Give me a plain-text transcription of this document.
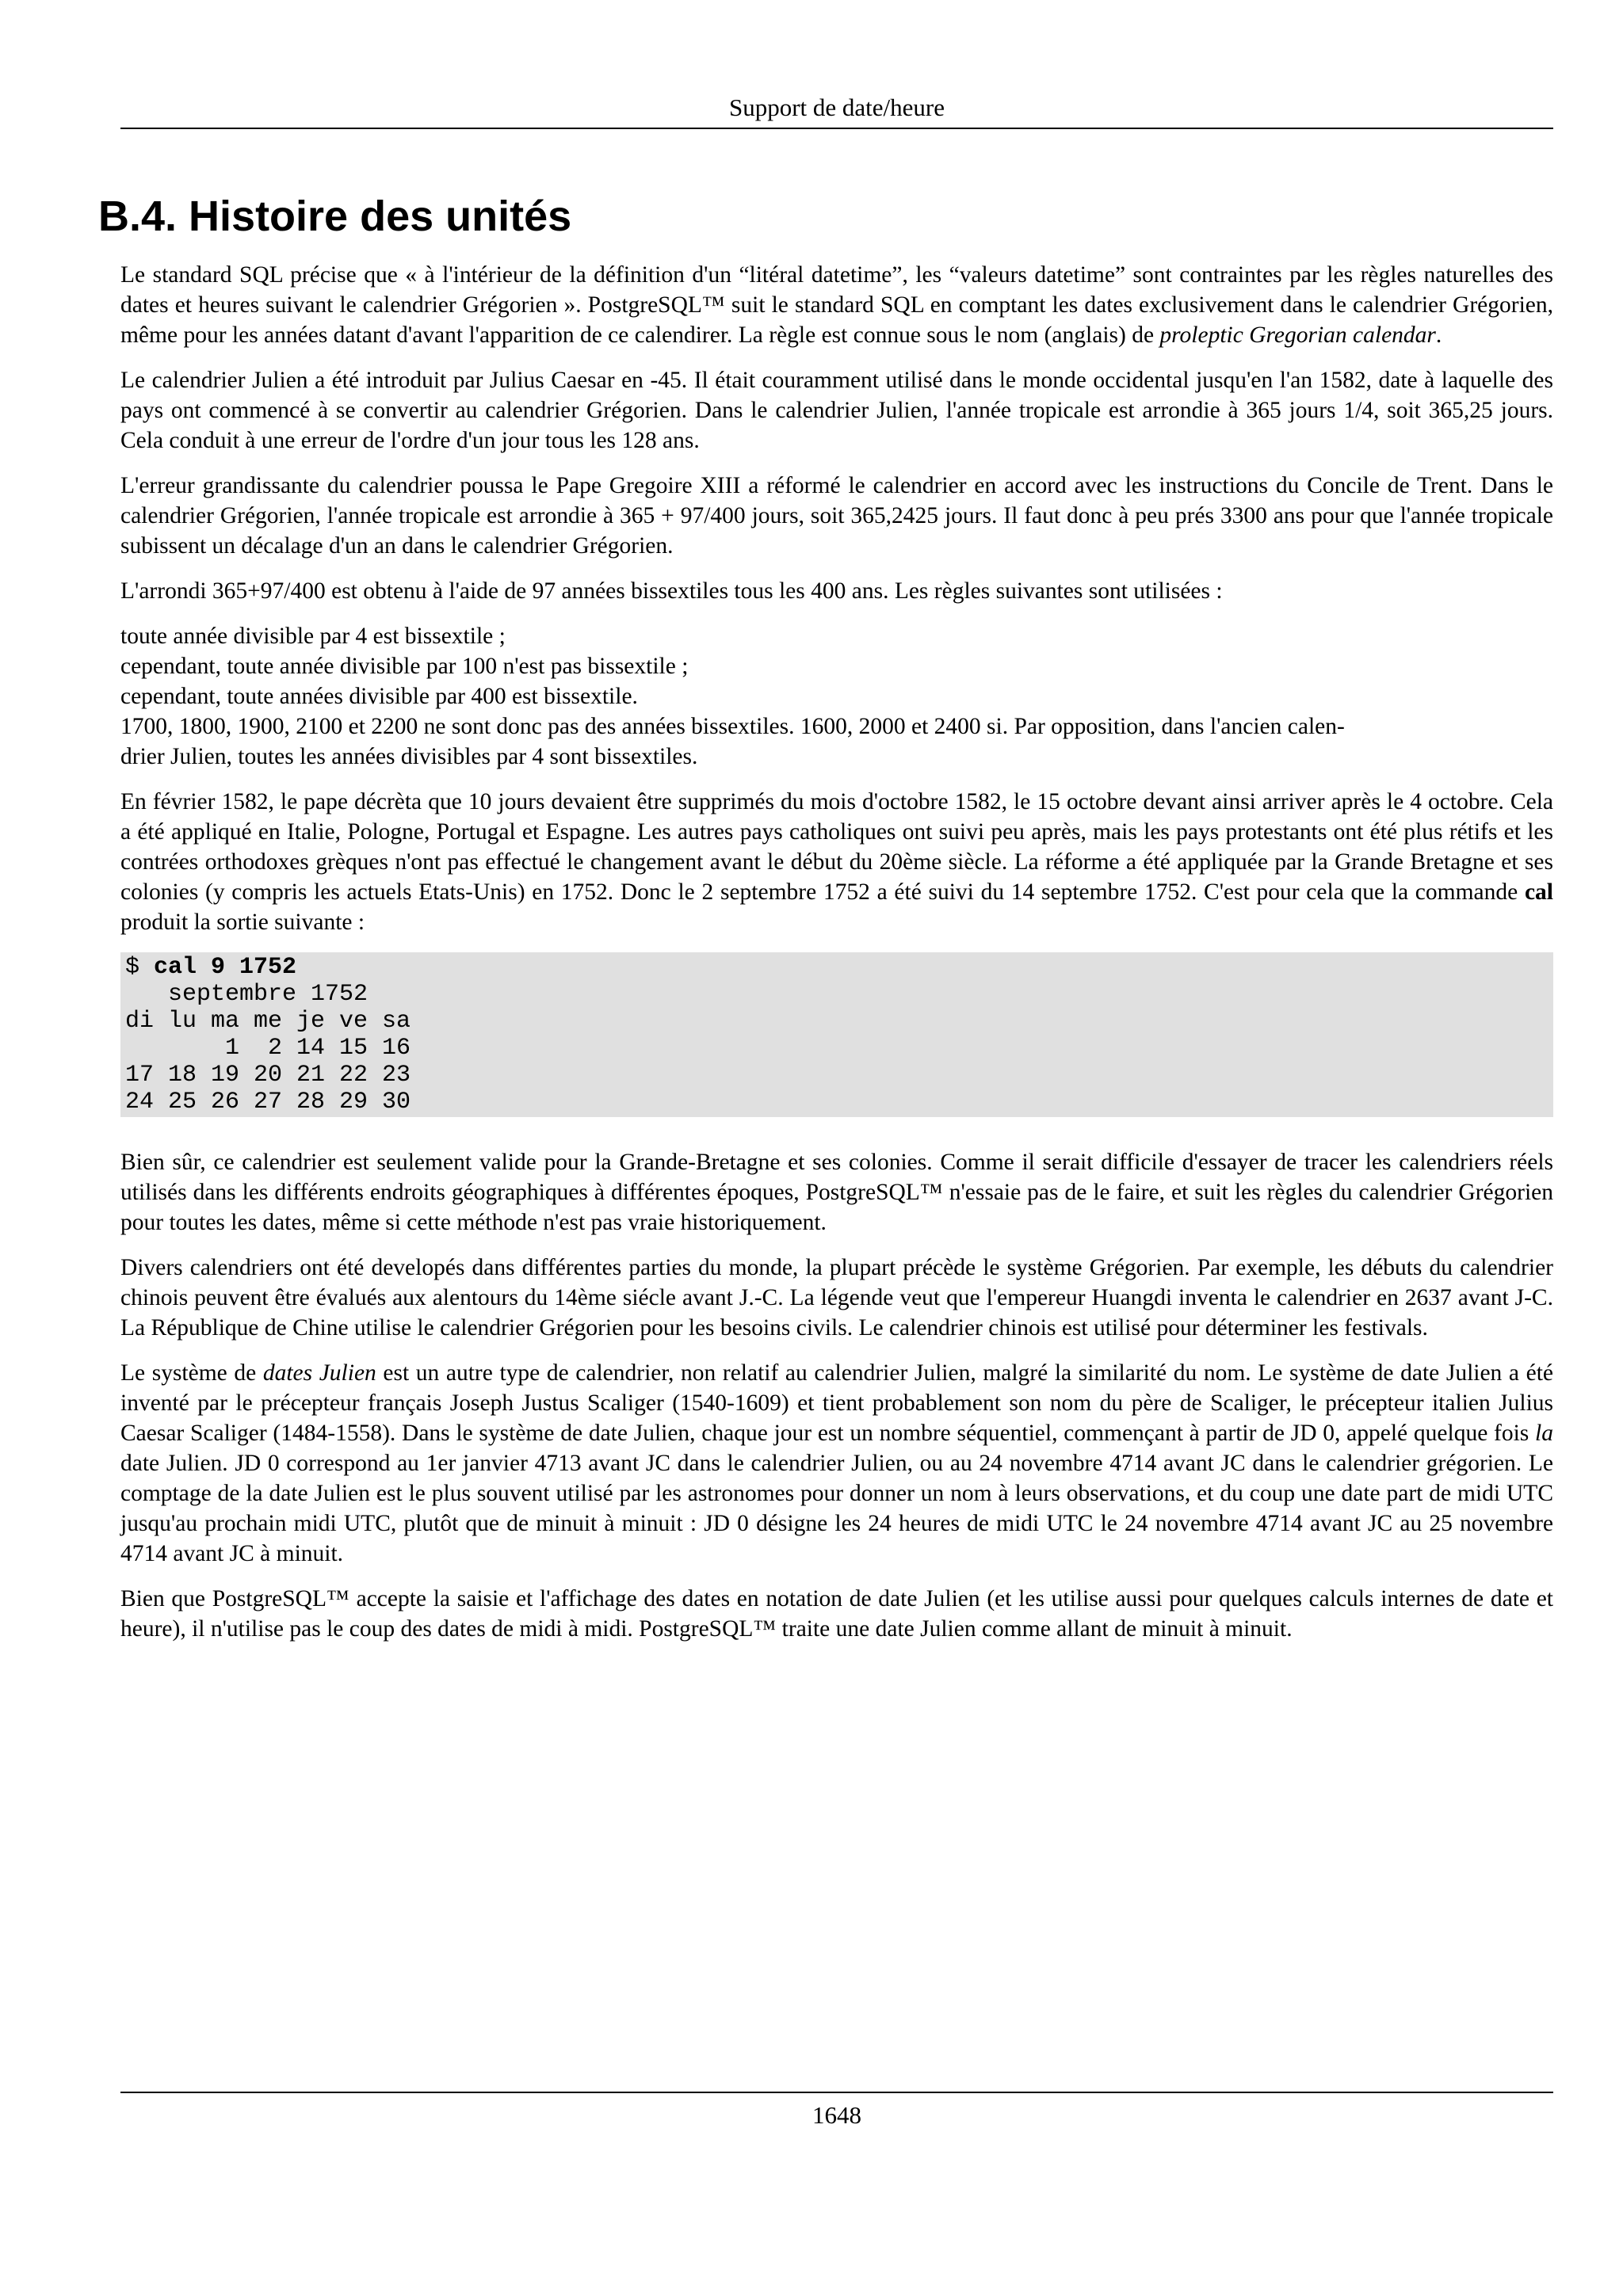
Support de date/heure
B.4. Histoire des unités

Le standard SQL précise que « à l'intérieur de la définition d'un “litéral datetime”, les “valeurs datetime” sont contraintes par les règles naturelles des dates et heures suivant le calendrier Grégorien ». PostgreSQL™ suit le standard SQL en comptant les dates exclusivement dans le calendrier Grégorien, même pour les années datant d'avant l'apparition de ce calendirer. La règle est connue sous le nom (anglais) de proleptic Gregorian calendar.

Le calendrier Julien a été introduit par Julius Caesar en -45. Il était couramment utilisé dans le monde occidental jusqu'en l'an 1582, date à laquelle des pays ont commencé à se convertir au calendrier Grégorien. Dans le calendrier Julien, l'année tropicale est arrondie à 365 jours 1/4, soit 365,25 jours. Cela conduit à une erreur de l'ordre d'un jour tous les 128 ans.

L'erreur grandissante du calendrier poussa le Pape Gregoire XIII a réformé le calendrier en accord avec les instructions du Concile de Trent. Dans le calendrier Grégorien, l'année tropicale est arrondie à 365 + 97/400 jours, soit 365,2425 jours. Il faut donc à peu prés 3300 ans pour que l'année tropicale subissent un décalage d'un an dans le calendrier Grégorien.

L'arrondi 365+97/400 est obtenu à l'aide de 97 années bissextiles tous les 400 ans. Les règles suivantes sont utilisées :

toute année divisible par 4 est bissextile ;
cependant, toute année divisible par 100 n'est pas bissextile ;
cependant, toute années divisible par 400 est bissextile.
1700, 1800, 1900, 2100 et 2200 ne sont donc pas des années bissextiles. 1600, 2000 et 2400 si. Par opposition, dans l'ancien calen-
drier Julien, toutes les années divisibles par 4 sont bissextiles.

En février 1582, le pape décrèta que 10 jours devaient être supprimés du mois d'octobre 1582, le 15 octobre devant ainsi arriver après le 4 octobre. Cela a été appliqué en Italie, Pologne, Portugal et Espagne. Les autres pays catholiques ont suivi peu après, mais les pays protestants ont été plus rétifs et les contrées orthodoxes grèques n'ont pas effectué le changement avant le début du 20ème siècle. La réforme a été appliquée par la Grande Bretagne et ses colonies (y compris les actuels Etats-Unis) en 1752. Donc le 2 septembre 1752 a été suivi du 14 septembre 1752. C'est pour cela que la commande cal produit la sortie suivante :

$ cal 9 1752
septembre 1752
di lu ma me je ve sa
1  2 14 15 16
17 18 19 20 21 22 23
24 25 26 27 28 29 30

Bien sûr, ce calendrier est seulement valide pour la Grande-Bretagne et ses colonies. Comme il serait difficile d'essayer de tracer les calendriers réels utilisés dans les différents endroits géographiques à différentes époques, PostgreSQL™ n'essaie pas de le faire, et suit les règles du calendrier Grégorien pour toutes les dates, même si cette méthode n'est pas vraie historiquement.

Divers calendriers ont été developés dans différentes parties du monde, la plupart précède le système Grégorien. Par exemple, les débuts du calendrier chinois peuvent être évalués aux alentours du 14ème siécle avant J.-C. La légende veut que l'empereur Huangdi inventa le calendrier en 2637 avant J-C. La République de Chine utilise le calendrier Grégorien pour les besoins civils. Le calendrier chinois est utilisé pour déterminer les festivals.

Le système de dates Julien est un autre type de calendrier, non relatif au calendrier Julien, malgré la similarité du nom. Le système de date Julien a été inventé par le précepteur français Joseph Justus Scaliger (1540-1609) et tient probablement son nom du père de Scaliger, le précepteur italien Julius Caesar Scaliger (1484-1558). Dans le système de date Julien, chaque jour est un nombre séquentiel, commençant à partir de JD 0, appelé quelque fois la date Julien. JD 0 correspond au 1er janvier 4713 avant JC dans le calendrier Julien, ou au 24 novembre 4714 avant JC dans le calendrier grégorien. Le comptage de la date Julien est le plus souvent utilisé par les astronomes pour donner un nom à leurs observations, et du coup une date part de midi UTC jusqu'au prochain midi UTC, plutôt que de minuit à minuit : JD 0 désigne les 24 heures de midi UTC le 24 novembre 4714 avant JC au 25 novembre 4714 avant JC à minuit.

Bien que PostgreSQL™ accepte la saisie et l'affichage des dates en notation de date Julien (et les utilise aussi pour quelques calculs internes de date et heure), il n'utilise pas le coup des dates de midi à midi. PostgreSQL™ traite une date Julien comme allant de minuit à minuit.

1648
